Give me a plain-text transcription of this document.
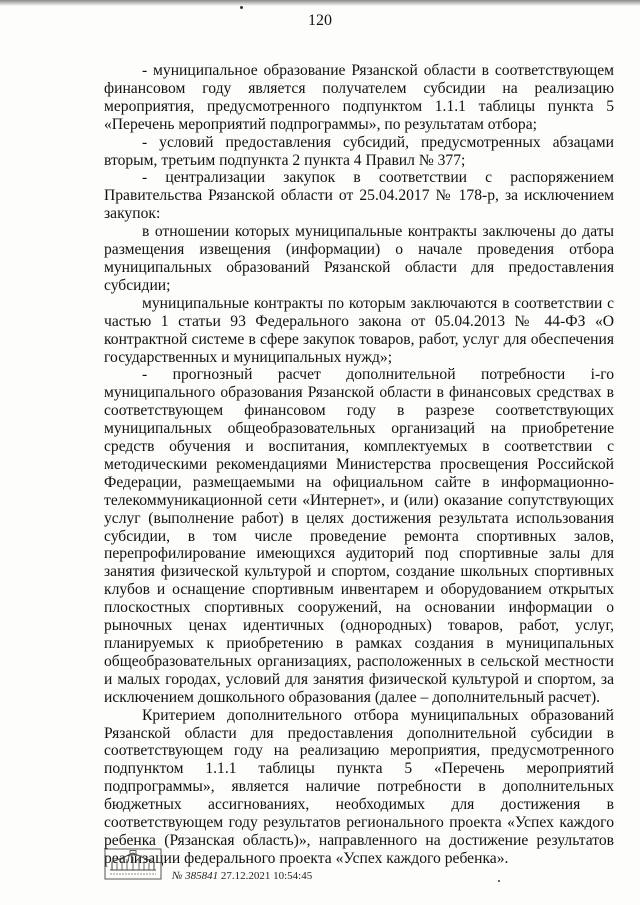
120

- муниципальное образование Рязанской области в соответствующем финансовом году является получателем субсидии на реализацию мероприятия, предусмотренного подпунктом 1.1.1 таблицы пункта 5 «Перечень мероприятий подпрограммы», по результатам отбора;

- условий предоставления субсидий, предусмотренных абзацами вторым, третьим подпункта 2 пункта 4 Правил № 377;

- централизации закупок в соответствии с распоряжением Правительства Рязанской области от 25.04.2017 № 178-р, за исключением закупок:

в отношении которых муниципальные контракты заключены до даты размещения извещения (информации) о начале проведения отбора муниципальных образований Рязанской области для предоставления субсидии;

муниципальные контракты по которым заключаются в соответствии с частью 1 статьи 93 Федерального закона от 05.04.2013 № 44-ФЗ «О контрактной системе в сфере закупок товаров, работ, услуг для обеспечения государственных и муниципальных нужд»;

- прогнозный расчет дополнительной потребности i-го муниципального образования Рязанской области в финансовых средствах в соответствующем финансовом году в разрезе соответствующих муниципальных общеобразовательных организаций на приобретение средств обучения и воспитания, комплектуемых в соответствии с методическими рекомендациями Министерства просвещения Российской Федерации, размещаемыми на официальном сайте в информационно-телекоммуникационной сети «Интернет», и (или) оказание сопутствующих услуг (выполнение работ) в целях достижения результата использования субсидии, в том числе проведение ремонта спортивных залов, перепрофилирование имеющихся аудиторий под спортивные залы для занятия физической культурой и спортом, создание школьных спортивных клубов и оснащение спортивным инвентарем и оборудованием открытых плоскостных спортивных сооружений, на основании информации о рыночных ценах идентичных (однородных) товаров, работ, услуг, планируемых к приобретению в рамках создания в муниципальных общеобразовательных организациях, расположенных в сельской местности и малых городах, условий для занятия физической культурой и спортом, за исключением дошкольного образования (далее – дополнительный расчет).

Критерием дополнительного отбора муниципальных образований Рязанской области для предоставления дополнительной субсидии в соответствующем году на реализацию мероприятия, предусмотренного подпунктом 1.1.1 таблицы пункта 5 «Перечень мероприятий подпрограммы», является наличие потребности в дополнительных бюджетных ассигнованиях, необходимых для достижения в соответствующем году результатов регионального проекта «Успех каждого ребенка (Рязанская область)», направленного на достижение результатов реализации федерального проекта «Успех каждого ребенка».

№ 385841 27.12.2021 10:54:45
